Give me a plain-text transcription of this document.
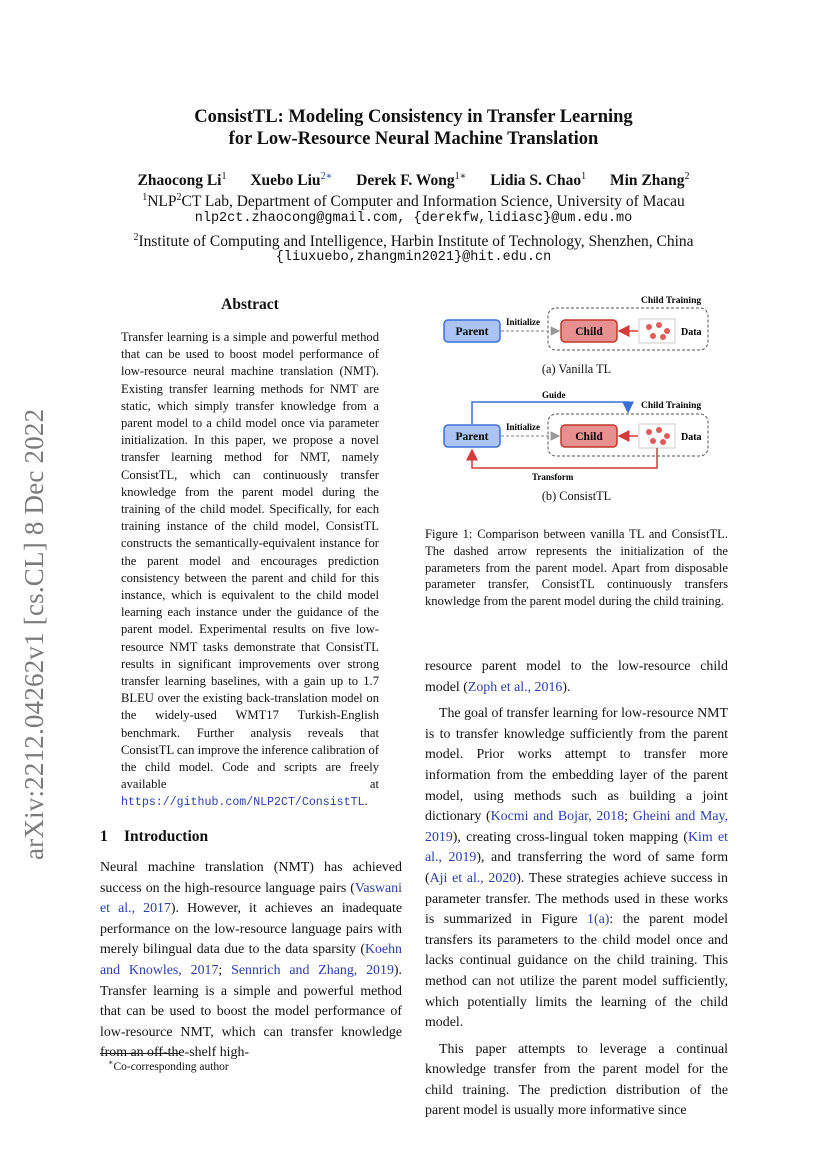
ConsistTL: Modeling Consistency in Transfer Learning
for Low-Resource Neural Machine Translation
Zhaocong Li$^1$ Xuebo Liu$^{2∗}$ Derek F. Wong$^{1∗}$ Lidia S. Chao$^1$ Min Zhang$^2$
$^1$NLP$^2$CT Lab, Department of Computer and Information Science, University of Macau
nlp2ct.zhaocong@gmail.com, {derekfw,lidiasc}@um.edu.mo
$^2$Institute of Computing and Intelligence, Harbin Institute of Technology, Shenzhen, China
{liuxuebo,zhangmin2021}@hit.edu.cn
arXiv:2212.04262v1 [cs.CL] 8 Dec 2022
Abstract
Transfer learning is a simple and powerful method that can be used to boost model performance of low-resource neural machine translation (NMT). Existing transfer learning methods for NMT are static, which simply transfer knowledge from a parent model to a child model once via parameter initialization. In this paper, we propose a novel transfer learning method for NMT, namely ConsistTL, which can continuously transfer knowledge from the parent model during the training of the child model. Specifically, for each training instance of the child model, ConsistTL constructs the semantically-equivalent instance for the parent model and encourages prediction consistency between the parent and child for this instance, which is equivalent to the child model learning each instance under the guidance of the parent model. Experimental results on five low-resource NMT tasks demonstrate that ConsistTL results in significant improvements over strong transfer learning baselines, with a gain up to 1.7 BLEU over the existing back-translation model on the widely-used WMT17 Turkish-English benchmark. Further analysis reveals that ConsistTL can improve the inference calibration of the child model. Code and scripts are freely available at https://github.com/NLP2CT/ConsistTL.
1 Introduction

Neural machine translation (NMT) has achieved success on the high-resource language pairs (Vaswani et al., 2017). However, it achieves an inadequate performance on the low-resource language pairs with merely bilingual data due to the data sparsity (Koehn and Knowles, 2017; Sennrich and Zhang, 2019). Transfer learning is a simple and powerful method that can be used to boost the model performance of low-resource NMT, which can transfer knowledge from an off-the-shelf high-

resource parent model to the low-resource child model (Zoph et al., 2016).

The goal of transfer learning for low-resource NMT is to transfer knowledge sufficiently from the parent model. Prior works attempt to transfer more information from the embedding layer of the parent model, using methods such as building a joint dictionary (Kocmi and Bojar, 2018; Gheini and May, 2019), creating cross-lingual token mapping (Kim et al., 2019), and transferring the word of same form (Aji et al., 2020). These strategies achieve success in parameter transfer. The methods used in these works is summarized in Figure 1(a): the parent model transfers its parameters to the child model once and lacks continual guidance on the child training. This method can not utilize the parent model sufficiently, which potentially limits the learning of the child model.

This paper attempts to leverage a continual knowledge transfer from the parent model for the child training. The prediction distribution of the parent model is usually more informative since

∗Co-corresponding author
Child Training
Parent
Initialize
Child	Data
Guide
Child Training
Parent
Initialize
Child	Data
Transform
(a) Vanilla TL
(b) ConsistTL
Figure 1: Comparison between vanilla TL and ConsistTL. The dashed arrow represents the initialization of the parameters from the parent model. Apart from disposable parameter transfer, ConsistTL continuously transfers knowledge from the parent model during the child training.
